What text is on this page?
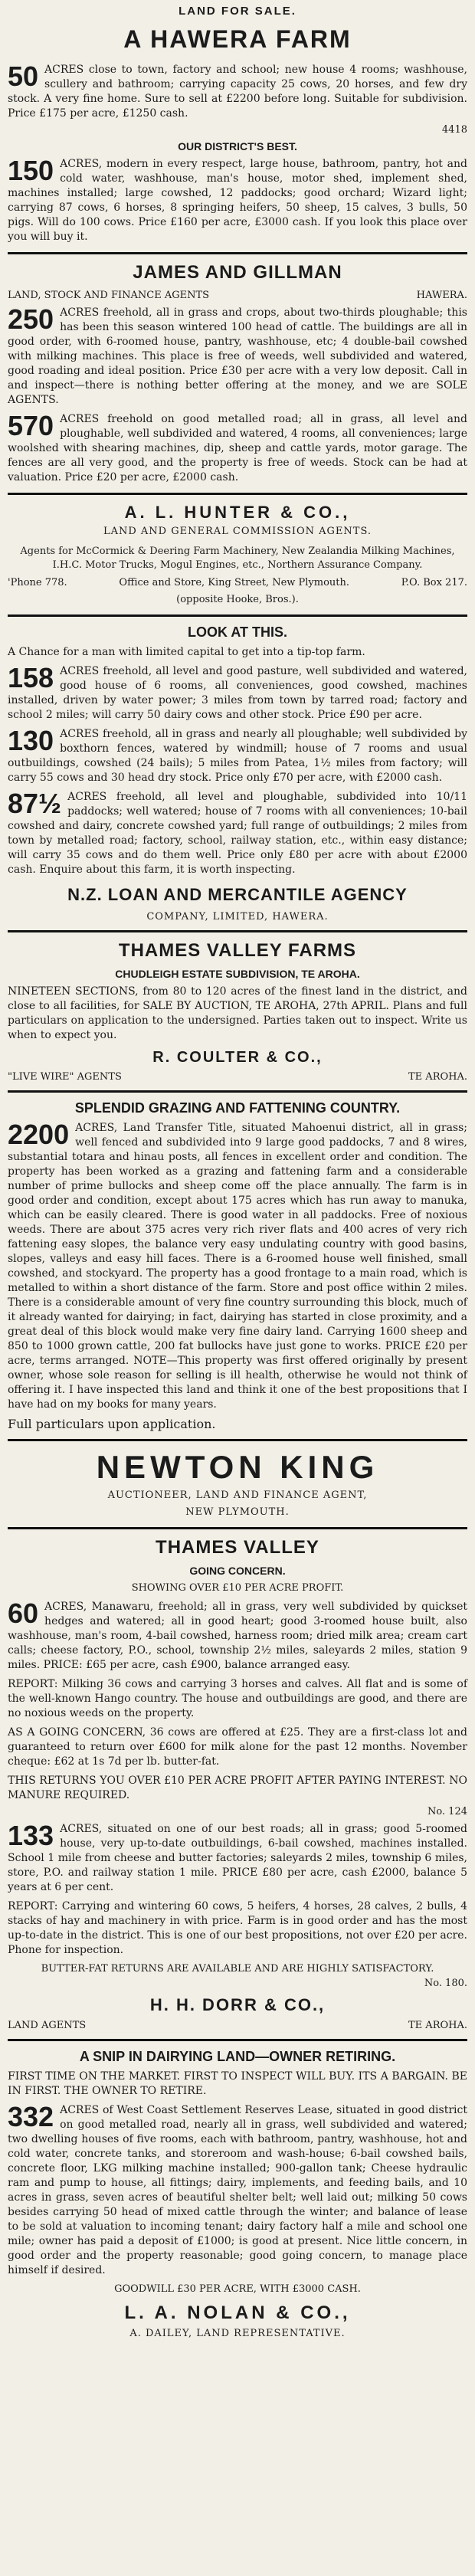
LAND FOR SALE.
A HAWERA FARM
50 ACRES close to town, factory and school; new house 4 rooms; washhouse, scullery and bathroom; carrying capacity 25 cows, 20 horses, and few dry stock. A very fine home. Sure to sell at £2200 before long. Suitable for subdivision. Price £175 per acre, £1250 cash.
4418
OUR DISTRICT'S BEST.
150 ACRES, modern in every respect, large house, bathroom, pantry, hot and cold water, washhouse, man's house, motor shed, implement shed, machines installed; large cowshed, 12 paddocks; good orchard; Wizard light; carrying 87 cows, 6 horses, 8 springing heifers, 50 sheep, 15 calves, 3 bulls, 50 pigs. Will do 100 cows. Price £160 per acre, £3000 cash. If you look this place over you will buy it.
JAMES AND GILLMAN
LAND, STOCK AND FINANCE AGENTS	HAWERA.
250 ACRES freehold, all in grass and crops, about two-thirds ploughable; this has been this season wintered 100 head of cattle. The buildings are all in good order, with 6-roomed house, pantry, washhouse, etc; 4 double-bail cowshed with milking machines. This place is free of weeds, well subdivided and watered, good roading and ideal position. Price £30 per acre with a very low deposit. Call in and inspect—there is nothing better offering at the money, and we are SOLE AGENTS.
570 ACRES freehold on good metalled road; all in grass, all level and ploughable, well subdivided and watered, 4 rooms, all conveniences; large woolshed with shearing machines, dip, sheep and cattle yards, motor garage. The fences are all very good, and the property is free of weeds. Stock can be had at valuation. Price £20 per acre, £2000 cash.
A. L. HUNTER & CO.,
LAND AND GENERAL COMMISSION AGENTS.
Agents for McCormick & Deering Farm Machinery, New Zealandia Milking Machines, I.H.C. Motor Trucks, Mogul Engines, etc., Northern Assurance Company.
'Phone 778.	Office and Store, King Street, New Plymouth.	P.O. Box 217.
(opposite Hooke, Bros.).
LOOK AT THIS.
A Chance for a man with limited capital to get into a tip-top farm.
158 ACRES freehold, all level and good pasture, well subdivided and watered, good house of 6 rooms, all conveniences, good cowshed, machines installed, driven by water power; 3 miles from town by tarred road; factory and school 2 miles; will carry 50 dairy cows and other stock. Price £90 per acre.
130 ACRES freehold, all in grass and nearly all ploughable; well subdivided by boxthorn fences, watered by windmill; house of 7 rooms and usual outbuildings, cowshed (24 bails); 5 miles from Patea, 1½ miles from factory; will carry 55 cows and 30 head dry stock. Price only £70 per acre, with £2000 cash.
87½ ACRES freehold, all level and ploughable, subdivided into 10/11 paddocks; well watered; house of 7 rooms with all conveniences; 10-bail cowshed and dairy, concrete cowshed yard; full range of outbuildings; 2 miles from town by metalled road; factory, school, railway station, etc., within easy distance; will carry 35 cows and do them well. Price only £80 per acre with about £2000 cash. Enquire about this farm, it is worth inspecting.
N.Z. LOAN AND MERCANTILE AGENCY
COMPANY, LIMITED, HAWERA.
THAMES VALLEY FARMS
CHUDLEIGH ESTATE SUBDIVISION, TE AROHA.
NINETEEN SECTIONS, from 80 to 120 acres of the finest land in the district, and close to all facilities, for SALE BY AUCTION, TE AROHA, 27th APRIL. Plans and full particulars on application to the undersigned. Parties taken out to inspect. Write us when to expect you.
R. COULTER & CO.,
"LIVE WIRE" AGENTS	TE AROHA.
SPLENDID GRAZING AND FATTENING COUNTRY.
2200 ACRES, Land Transfer Title, situated Mahoenui district, all in grass; well fenced and subdivided into 9 large good paddocks, 7 and 8 wires, substantial totara and hinau posts, all fences in excellent order and condition. The property has been worked as a grazing and fattening farm and a considerable number of prime bullocks and sheep come off the place annually. The farm is in good order and condition, except about 175 acres which has run away to manuka, which can be easily cleared. There is good water in all paddocks. Free of noxious weeds. There are about 375 acres very rich river flats and 400 acres of very rich fattening easy slopes, the balance very easy undulating country with good basins, slopes, valleys and easy hill faces. There is a 6-roomed house well finished, small cowshed, and stockyard. The property has a good frontage to a main road, which is metalled to within a short distance of the farm. Store and post office within 2 miles. There is a considerable amount of very fine country surrounding this block, much of it already wanted for dairying; in fact, dairying has started in close proximity, and a great deal of this block would make very fine dairy land. Carrying 1600 sheep and 850 to 1000 grown cattle, 200 fat bullocks have just gone to works. PRICE £20 per acre, terms arranged. NOTE—This property was first offered originally by present owner, whose sole reason for selling is ill health, otherwise he would not think of offering it. I have inspected this land and think it one of the best propositions that I have had on my books for many years.
Full particulars upon application.
NEWTON KING
AUCTIONEER, LAND AND FINANCE AGENT,
NEW PLYMOUTH.
THAMES VALLEY
GOING CONCERN.
SHOWING OVER £10 PER ACRE PROFIT.
60 ACRES, Manawaru, freehold; all in grass, very well subdivided by quickset hedges and watered; all in good heart; good 3-roomed house built, also washhouse, man's room, 4-bail cowshed, harness room; dried milk area; cream cart calls; cheese factory, P.O., school, township 2½ miles, saleyards 2 miles, station 9 miles. PRICE: £65 per acre, cash £900, balance arranged easy.
REPORT: Milking 36 cows and carrying 3 horses and calves. All flat and is some of the well-known Hango country. The house and outbuildings are good, and there are no noxious weeds on the property.
AS A GOING CONCERN, 36 cows are offered at £25. They are a first-class lot and guaranteed to return over £600 for milk alone for the past 12 months. November cheque: £62 at 1s 7d per lb. butter-fat.
THIS RETURNS YOU OVER £10 PER ACRE PROFIT AFTER PAYING INTEREST. NO MANURE REQUIRED.
No. 124
133 ACRES, situated on one of our best roads; all in grass; good 5-roomed house, very up-to-date outbuildings, 6-bail cowshed, machines installed. School 1 mile from cheese and butter factories; saleyards 2 miles, township 6 miles, store, P.O. and railway station 1 mile. PRICE £80 per acre, cash £2000, balance 5 years at 6 per cent.
REPORT: Carrying and wintering 60 cows, 5 heifers, 4 horses, 28 calves, 2 bulls, 4 stacks of hay and machinery in with price. Farm is in good order and has the most up-to-date in the district. This is one of our best propositions, not over £20 per acre. Phone for inspection.
BUTTER-FAT RETURNS ARE AVAILABLE AND ARE HIGHLY SATISFACTORY.
No. 180.
H. H. DORR & CO.,
LAND AGENTS	TE AROHA.
A SNIP IN DAIRYING LAND—OWNER RETIRING.
FIRST TIME ON THE MARKET. FIRST TO INSPECT WILL BUY. ITS A BARGAIN. BE IN FIRST. THE OWNER TO RETIRE.
332 ACRES of West Coast Settlement Reserves Lease, situated in good district on good metalled road, nearly all in grass, well subdivided and watered; two dwelling houses of five rooms, each with bathroom, pantry, washhouse, hot and cold water, concrete tanks, and storeroom and wash-house; 6-bail cowshed bails, concrete floor, LKG milking machine installed; 900-gallon tank; Cheese hydraulic ram and pump to house, all fittings; dairy, implements, and feeding bails, and 10 acres in grass, seven acres of beautiful shelter belt; well laid out; milking 50 cows besides carrying 50 head of mixed cattle through the winter; and balance of lease to be sold at valuation to incoming tenant; dairy factory half a mile and school one mile; owner has paid a deposit of £1000; is good at present. Nice little concern, in good order and the property reasonable; good going concern, to manage place himself if desired.
GOODWILL £30 PER ACRE, WITH £3000 CASH.
L. A. NOLAN & CO.,
A. DAILEY, LAND REPRESENTATIVE.
